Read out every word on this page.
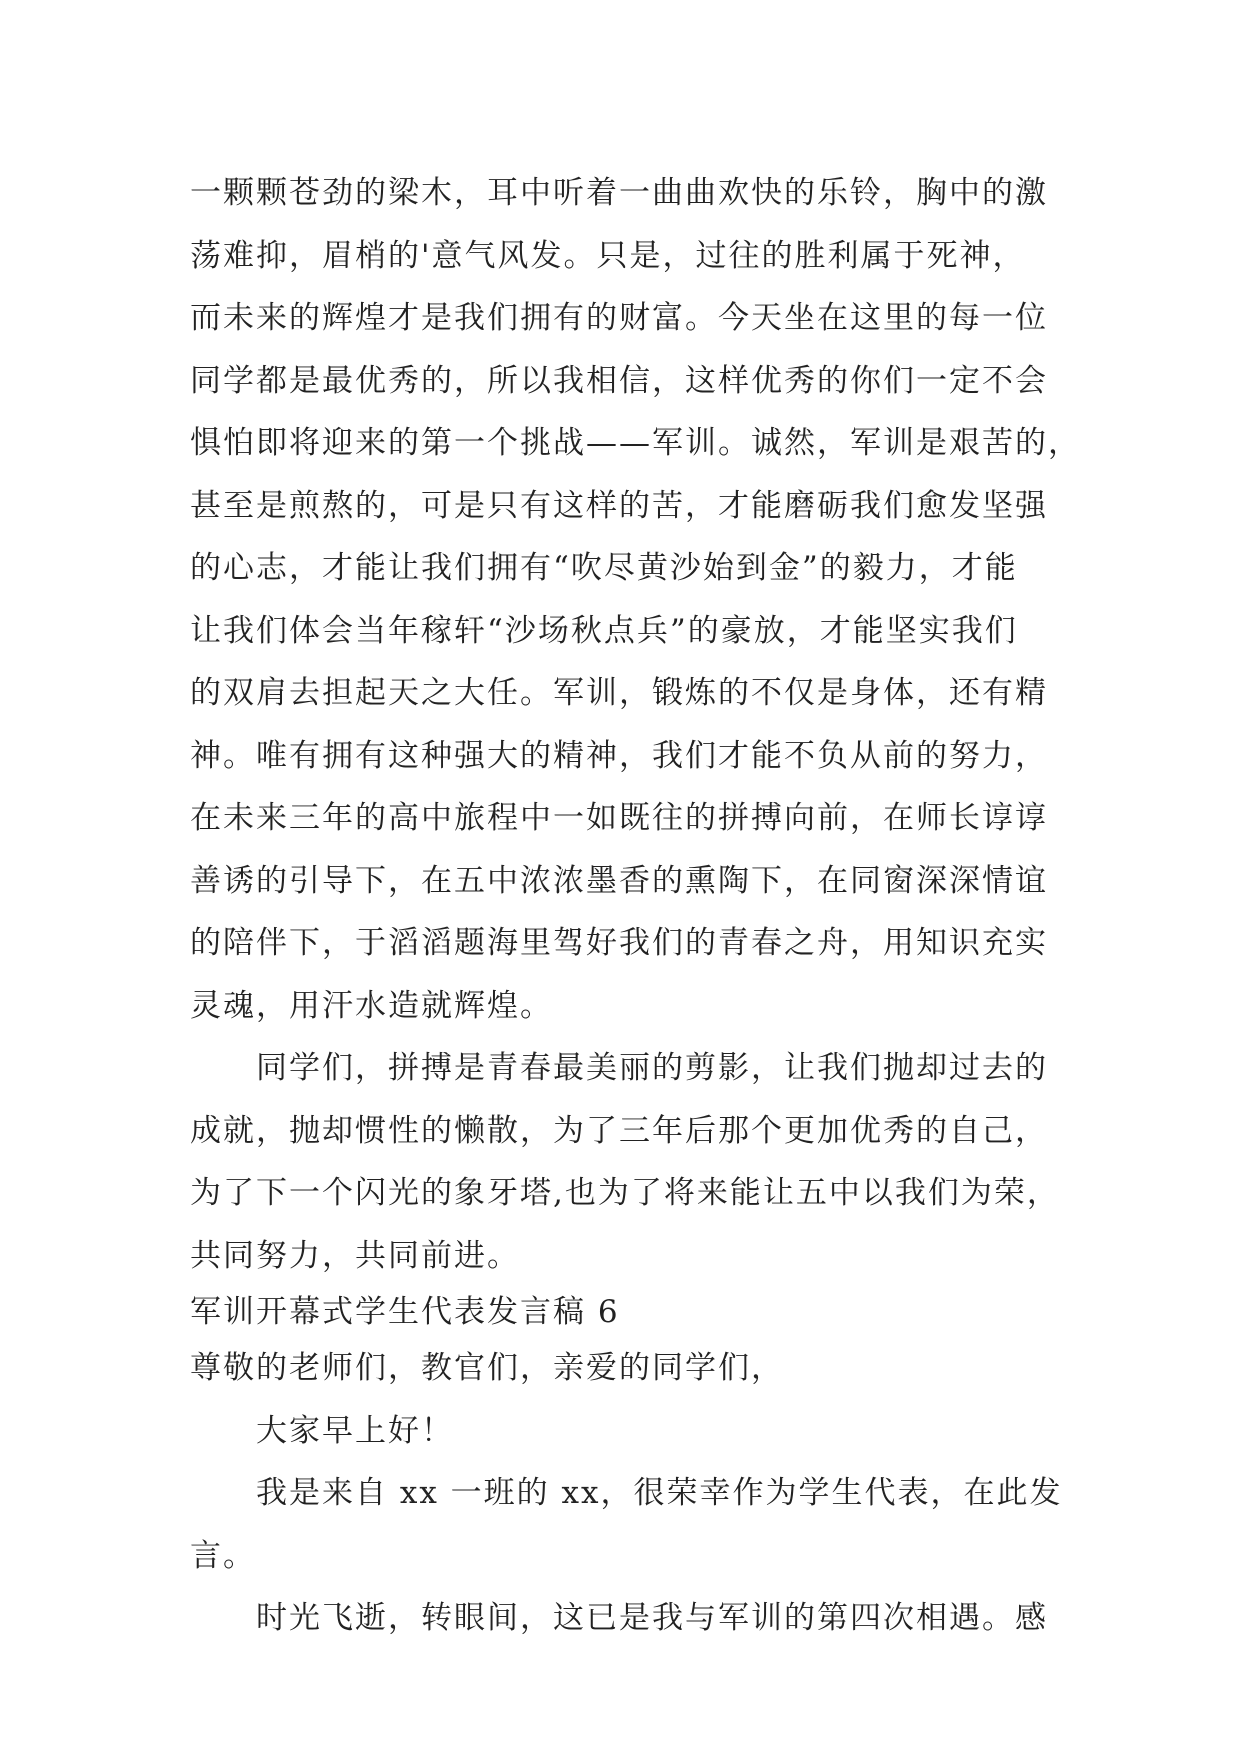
一颗颗苍劲的梁木，耳中听着一曲曲欢快的乐铃，胸中的激
荡难抑，眉梢的'意气风发。只是，过往的胜利属于死神，
而未来的辉煌才是我们拥有的财富。今天坐在这里的每一位
同学都是最优秀的，所以我相信，这样优秀的你们一定不会
惧怕即将迎来的第一个挑战——军训。诚然，军训是艰苦的，
甚至是煎熬的，可是只有这样的苦，才能磨砺我们愈发坚强
的心志，才能让我们拥有“吹尽黄沙始到金”的毅力，才能
让我们体会当年稼轩“沙场秋点兵”的豪放，才能坚实我们
的双肩去担起天之大任。军训，锻炼的不仅是身体，还有精
神。唯有拥有这种强大的精神，我们才能不负从前的努力，
在未来三年的高中旅程中一如既往的拼搏向前，在师长谆谆
善诱的引导下，在五中浓浓墨香的熏陶下，在同窗深深情谊
的陪伴下，于滔滔题海里驾好我们的青春之舟，用知识充实
灵魂，用汗水造就辉煌。
同学们，拼搏是青春最美丽的剪影，让我们抛却过去的
成就，抛却惯性的懒散，为了三年后那个更加优秀的自己，
为了下一个闪光的象牙塔,也为了将来能让五中以我们为荣，
共同努力，共同前进。
军训开幕式学生代表发言稿 6
尊敬的老师们，教官们，亲爱的同学们，
大家早上好！
我是来自 xx 一班的 xx，很荣幸作为学生代表，在此发
言。
时光飞逝，转眼间，这已是我与军训的第四次相遇。感
